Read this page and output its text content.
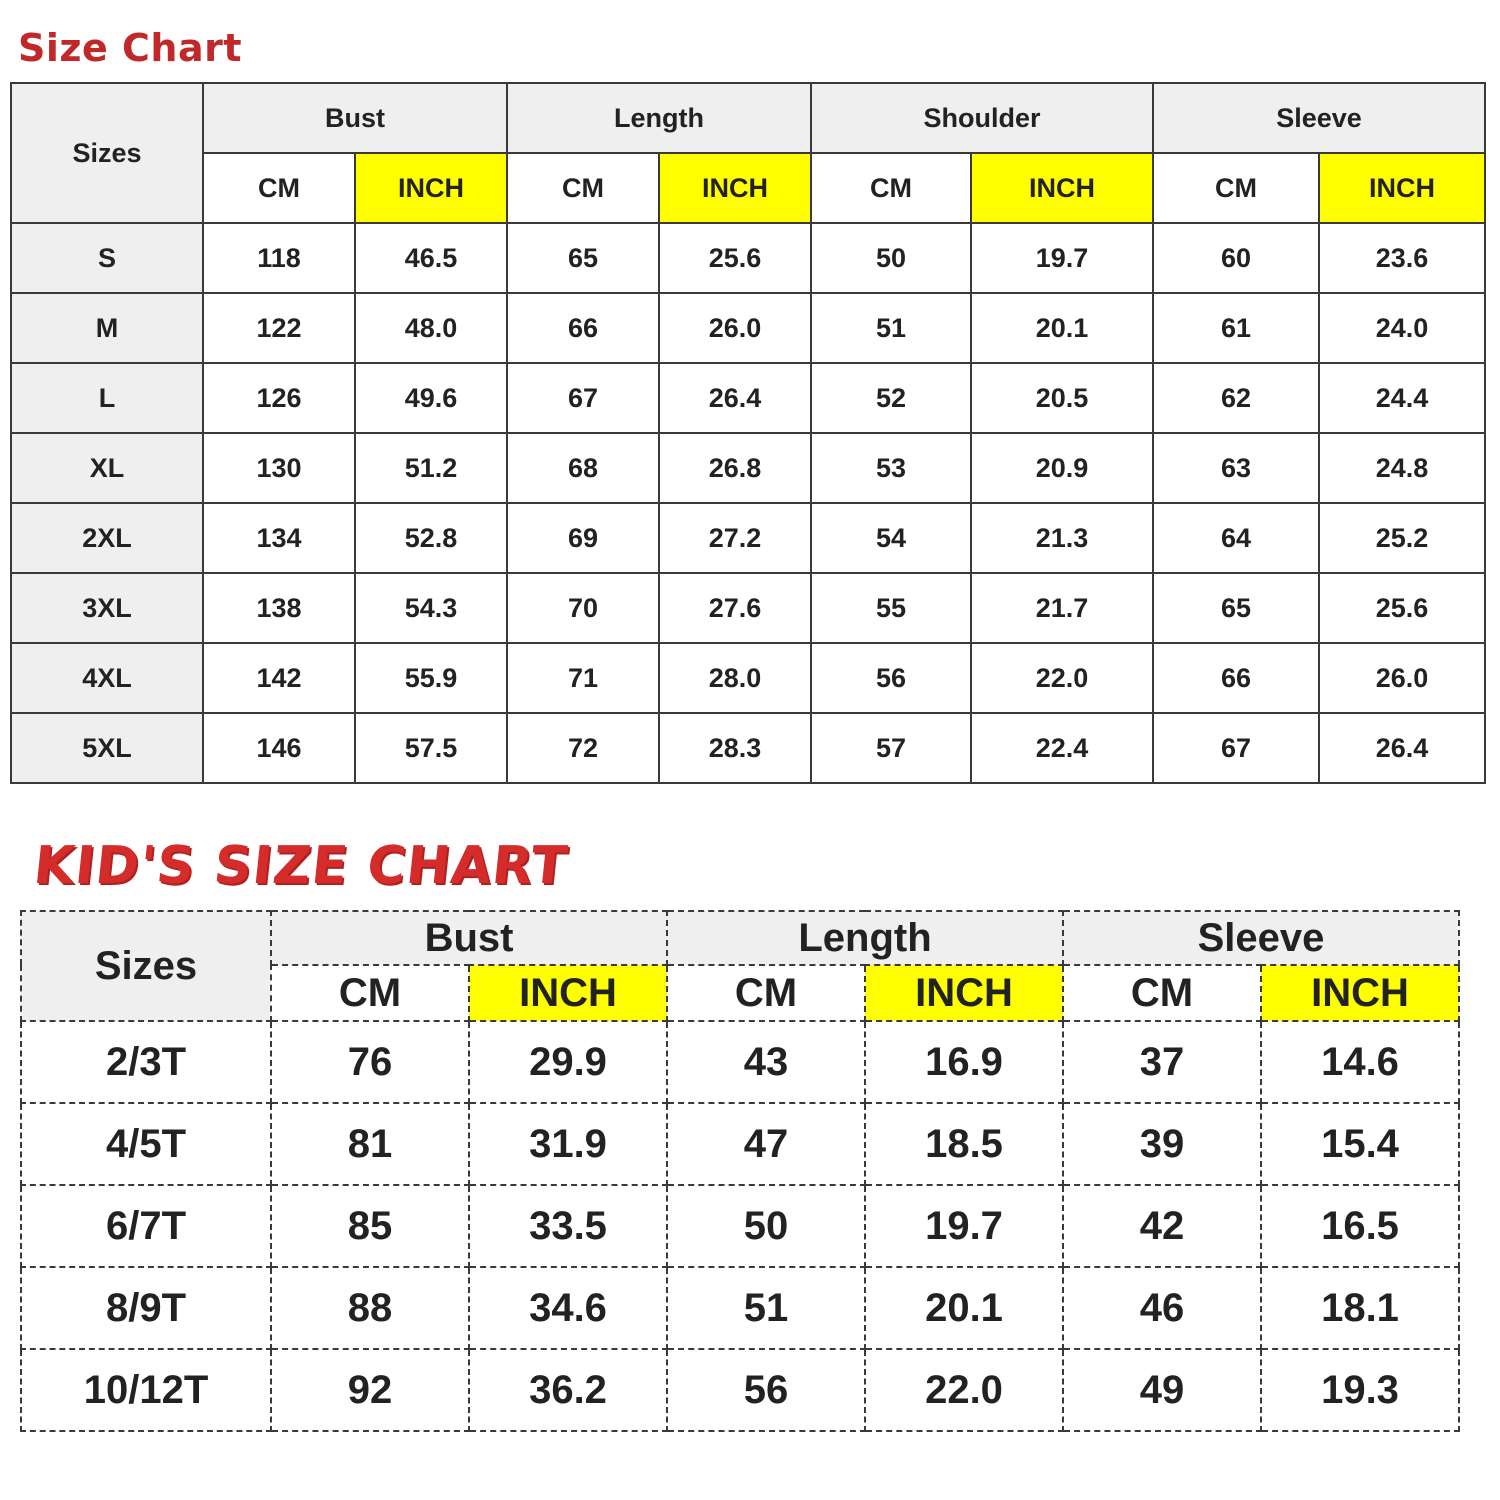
Size Chart
Sizes	Bust		Length		Shoulder		Sleeve	
	CM	INCH	CM	INCH	CM	INCH	CM	INCH
S	118	46.5	65	25.6	50	19.7	60	23.6
M	122	48.0	66	26.0	51	20.1	61	24.0
L	126	49.6	67	26.4	52	20.5	62	24.4
XL	130	51.2	68	26.8	53	20.9	63	24.8
2XL	134	52.8	69	27.2	54	21.3	64	25.2
3XL	138	54.3	70	27.6	55	21.7	65	25.6
4XL	142	55.9	71	28.0	56	22.0	66	26.0
5XL	146	57.5	72	28.3	57	22.4	67	26.4
KID'S SIZE CHART
Sizes	Bust		Length		Sleeve	
	CM	INCH	CM	INCH	CM	INCH
2/3T	76	29.9	43	16.9	37	14.6
4/5T	81	31.9	47	18.5	39	15.4
6/7T	85	33.5	50	19.7	42	16.5
8/9T	88	34.6	51	20.1	46	18.1
10/12T	92	36.2	56	22.0	49	19.3
